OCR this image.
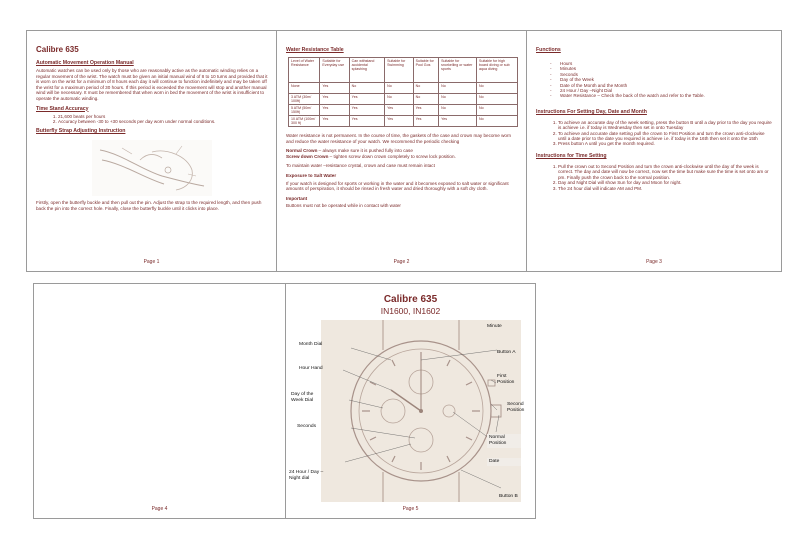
Calibre 635
Automatic Movement Operation Manual
Automatic watches can be used only by those who are reasonably active as the automatic winding relies on a regular movement of the wrist. The watch must be given an initial manual wind of 8 to 10 turns and provided that it is worn on the wrist for a minimum of 8 hours each day it will continue to function indefinitely and may be taken off the wrist for a maximum period of 30 hours. If this period is exceeded the movement will stop and another manual wind will be necessary. It must be remembered that when worn in bed the movement of the wrist is insufficient to operate the automatic winding.
Time Stand Accuracy
1. 21,600 beats per hours
2. Accuracy between -30 to +30 seconds per day worn under normal conditions.
Butterfly Strap Adjusting Instruction
Firstly, open the butterfly buckle and then pull out the pin. Adjust the strap to the required length, and then push back the pin into the correct hole. Finally, close the butterfly buckle until it clicks into place.
Page 1
Water Resistance Table
Level of Water Resistance	Suitable for Everyday use	Can withstand accidental splashing	Suitable for Swimming	Suitable for Pool Gos	Suitable for snorkelling or water sports	Suitable for high board diving or sub aqua diving
None	Yes	No	No	No	No	No
3 ATM (30m/ 100ft)	Yes	Yes	No	No	No	No
5 ATM (50m/ 150ft)	Yes	Yes	Yes	Yes	No	No
10 ATM (100m/ 300 ft)	Yes	Yes	Yes	Yes	Yes	No
Water resistance is not permanent. In the course of time, the gaskets of the case and crown may become worn and reduce the water resistance of your watch. We recommend the periodic checking
Normal Crown – always make sure it is pushed fully into case
Screw down Crown – tighten screw down crown completely to screw lock position.
To maintain water –resistance crystal, crown and case must remain intact
Exposure to Salt Water
If your watch is designed for sports or working in the water and it becomes exposed to salt water or significant amounts of perspiration, it should be rinsed in fresh water and dried thoroughly with a soft dry cloth.
Important
Buttons must not be operated while in contact with water
Page 2
Functions
- Hours
- Minutes
- Seconds
- Day of the Week
- Date of the Month and the Month
- 24 Hour / Day –Night Dial
- Water Resistance – Check the back of the watch and refer to the Table.
Instructions For Setting Day, Date and Month
1. To achieve an accurate day of the week setting, press the button B until a day prior to the day you require is achieve i.e. if today is Wednesday then set in onto Tuesday
2. To achieve and accurate date setting pull the crown to First Position and turn the crown anti-clockwise until a date prior to the date you required is achieve i.e. if today is the 16th then set it onto the 15th
3. Press button A until you get the month required.
Instructions for Time Setting
1. Pull the crown out to Second Position and turn the crown anti-clockwise until the day of the week is correct. The day and date will now be correct, now set the time but make sure the time is set onto am or pm. Finally push the crown back to the normal position.
2. Day and Night Dial will show Sun for day and Moon for night.
3. The 24 hour dial will indicate AM and PM.
Page 3
Page 4
Calibre 635
IN1600, IN1602
Minute
Month Dial
Button A
Hour Hand
First Position
Day of the Week Dial
Second Position
Seconds
Normal Position
Date
24 Hour / Day – Night dial
Button B
Page 5
